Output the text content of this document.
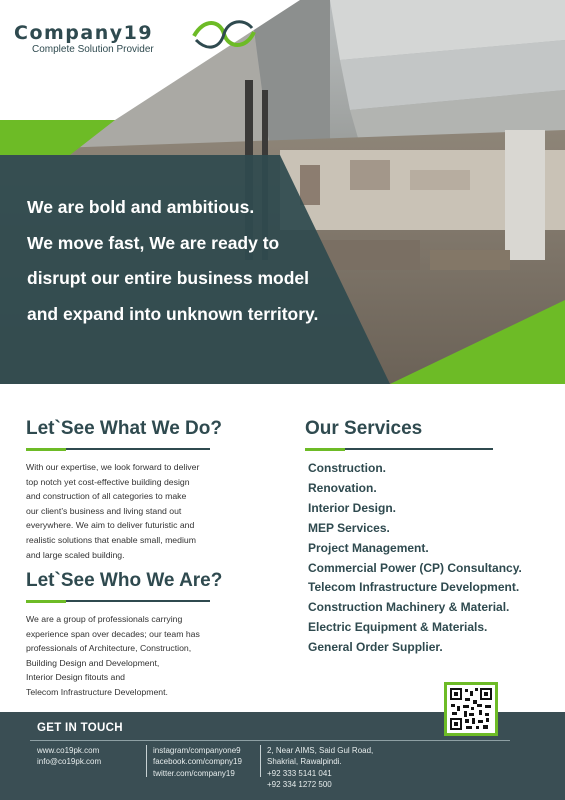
Company19
Complete Solution Provider
We are bold and ambitious.
We move fast, We are ready to
disrupt our entire business model
and expand into unknown territory.
Let`See What We Do?

With our expertise, we look forward to deliver
top notch yet cost-effective building design
and construction of all categories to make
our client’s business and living stand out
everywhere. We aim to deliver futuristic and
realistic solutions that enable small, medium
and large scaled building.

Let`See Who We Are?

We are a group of professionals carrying
experience span over decades; our team has
professionals of Architecture, Construction,
Building Design and Development,
Interior Design fitouts and
Telecom Infrastructure Development.

Our Services
Construction.
Renovation.
Interior Design.
MEP Services.
Project Management.
Commercial Power (CP) Consultancy.
Telecom Infrastructure Development.
Construction Machinery & Material.
Electric Equipment & Materials.
General Order Supplier.
GET IN TOUCH
www.co19pk.com
info@co19pk.com
instagram/companyone9
facebook.com/compny19
twitter.com/company19
2, Near AIMS, Said Gul Road,
Shakrial, Rawalpindi.
+92 333 5141 041
+92 334 1272 500
